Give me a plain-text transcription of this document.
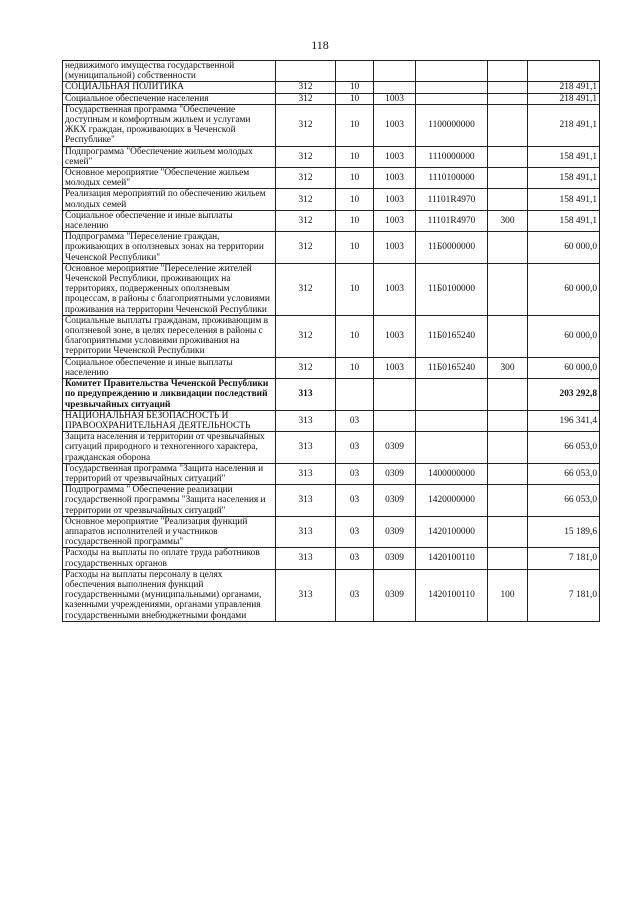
118
недвижимого имущества государственной (муниципальной) собственности						
СОЦИАЛЬНАЯ ПОЛИТИКА	312	10				218 491,1
Социальное обеспечение населения	312	10	1003			218 491,1
Государственная программа "Обеспечение доступным и комфортным жильем и услугами ЖКХ граждан, проживающих в Чеченской Республике"	312	10	1003	1100000000		218 491,1
Подпрограмма "Обеспечение жильем молодых семей"	312	10	1003	1110000000		158 491,1
Основное мероприятие "Обеспечение жильем молодых семей"	312	10	1003	1110100000		158 491,1
Реализация мероприятий по обеспечению жильем молодых семей	312	10	1003	11101R4970		158 491,1
Социальное обеспечение и иные выплаты населению	312	10	1003	11101R4970	300	158 491,1
Подпрограмма "Переселение граждан, проживающих в оползневых зонах на территории Чеченской Республики"	312	10	1003	11Б0000000		60 000,0
Основное мероприятие "Переселение жителей Чеченской Республики, проживающих на территориях, подверженных оползневым процессам, в районы с благоприятными условиями проживания на территории Чеченской Республики	312	10	1003	11Б0100000		60 000,0
Социальные выплаты гражданам, проживающим в оползневой зоне, в целях переселения в районы с благоприятными условиями проживания на территории Чеченской Республики	312	10	1003	11Б0165240		60 000,0
Социальное обеспечение и иные выплаты населению	312	10	1003	11Б0165240	300	60 000,0
Комитет Правительства Чеченской Республики по предупреждению и ликвидации последствий чрезвычайных ситуаций	313					203 292,8
НАЦИОНАЛЬНАЯ БЕЗОПАСНОСТЬ И ПРАВООХРАНИТЕЛЬНАЯ ДЕЯТЕЛЬНОСТЬ	313	03				196 341,4
Защита населения и территории от чрезвычайных ситуаций природного и техногенного характера, гражданская оборона	313	03	0309			66 053,0
Государственная программа "Защита населения и территорий от чрезвычайных ситуаций"	313	03	0309	1400000000		66 053,0
Подпрограмма " Обеспечение реализации государственной программы "Защита населения и территории от чрезвычайных ситуаций"	313	03	0309	1420000000		66 053,0
Основное мероприятие "Реализация функций аппаратов исполнителей и участников государственной программы"	313	03	0309	1420100000		15 189,6
Расходы на выплаты по оплате труда работников государственных органов	313	03	0309	1420100110		7 181,0
Расходы на выплаты персоналу в целях обеспечения выполнения функций государственными (муниципальными) органами, казенными учреждениями, органами управления государственными внебюджетными фондами	313	03	0309	1420100110	100	7 181,0
